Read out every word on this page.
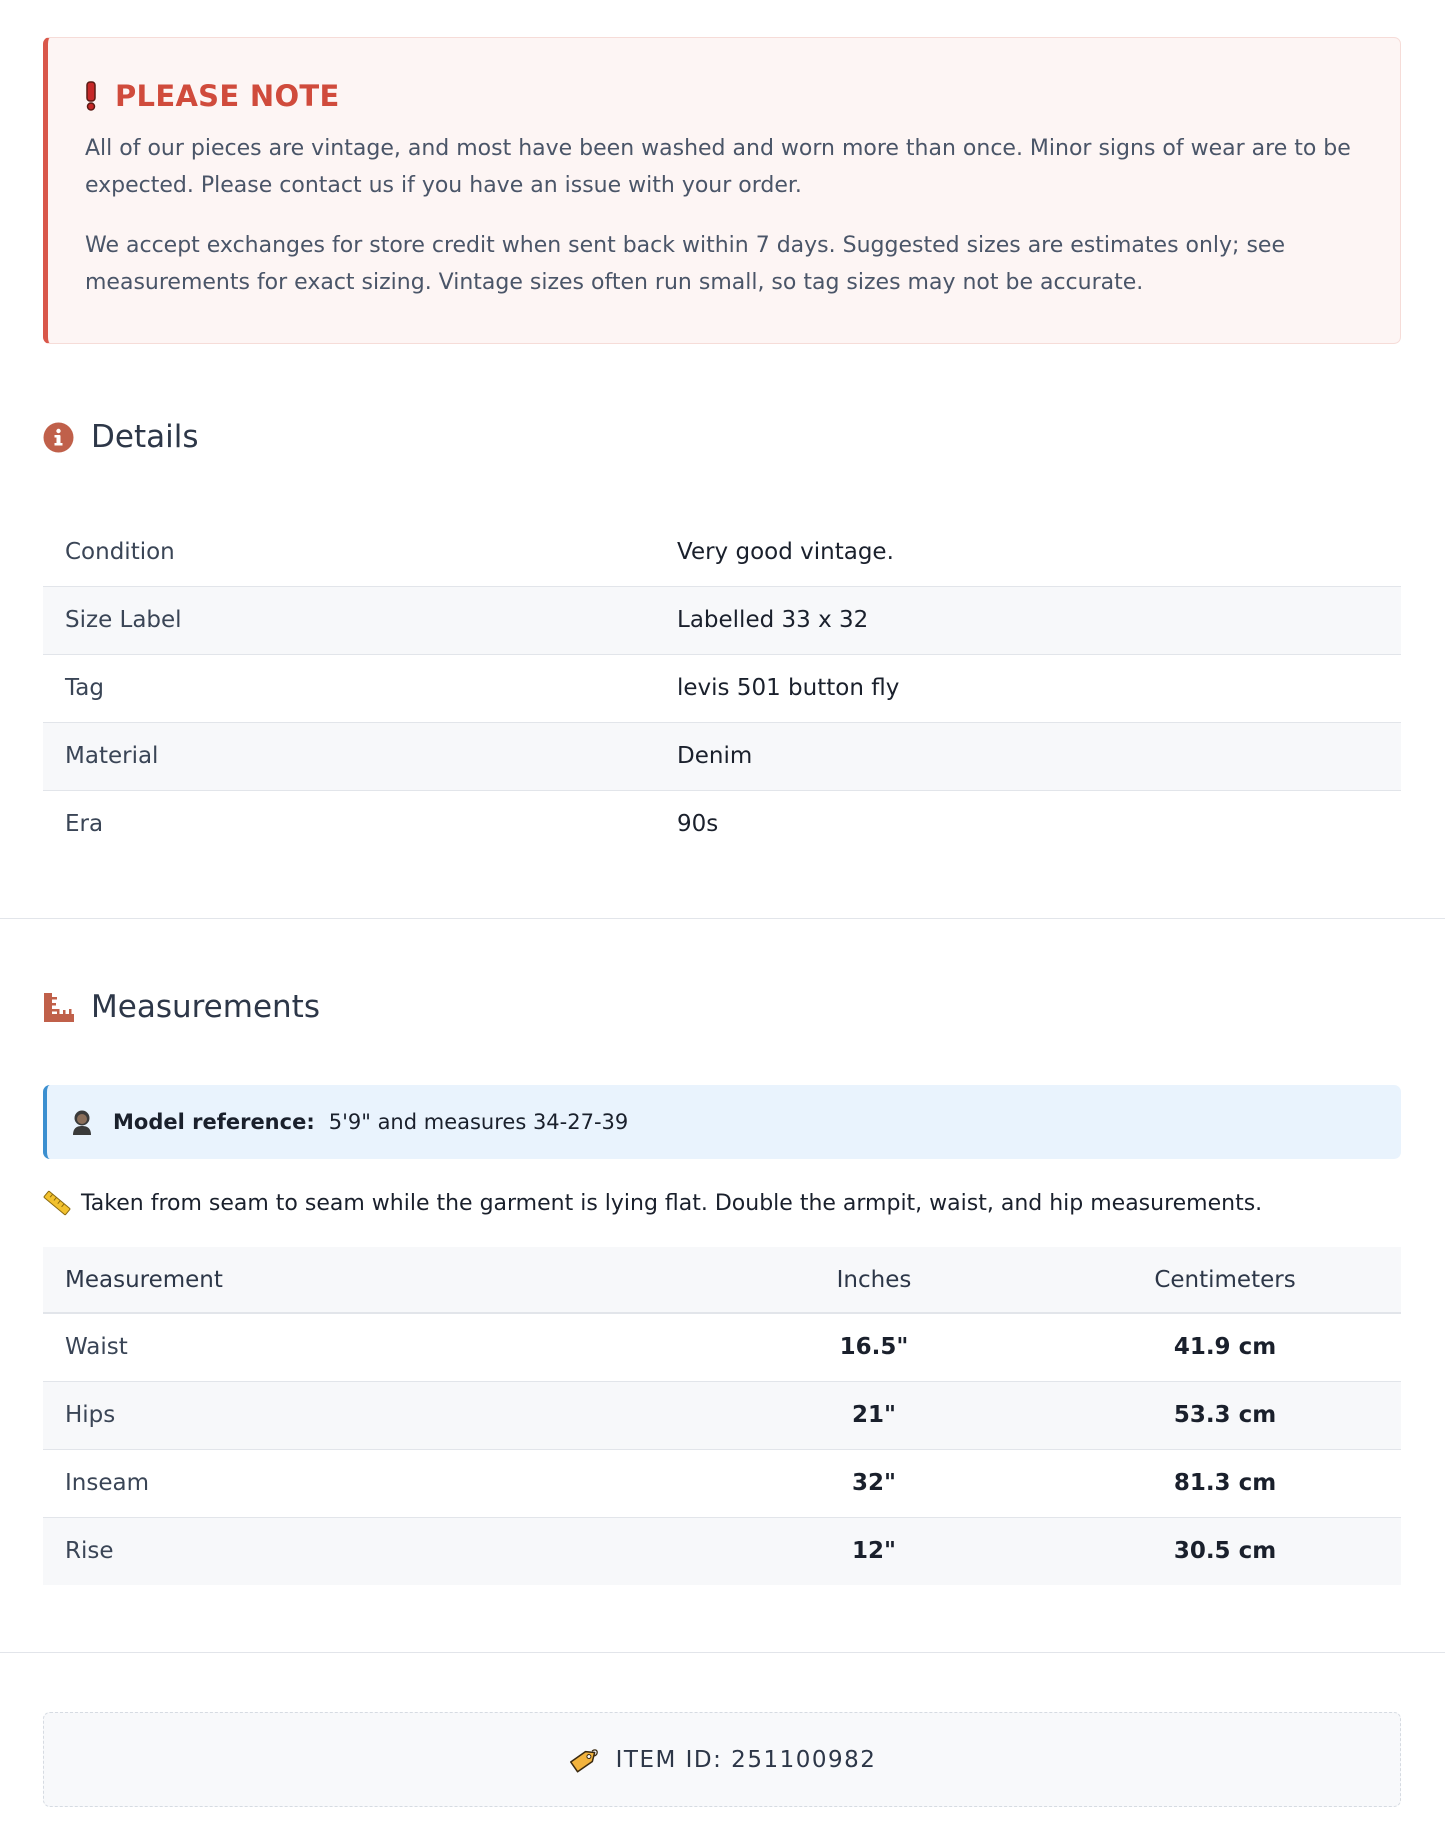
PLEASE NOTE

All of our pieces are vintage, and most have been washed and worn more than once. Minor signs of wear are to be expected. Please contact us if you have an issue with your order.

We accept exchanges for store credit when sent back within 7 days. Suggested sizes are estimates only; see measurements for exact sizing. Vintage sizes often run small, so tag sizes may not be accurate.

Details
Condition	Very good vintage.
Size Label	Labelled 33 x 32
Tag	levis 501 button fly
Material	Denim
Era	90s
Measurements
Model reference: 5'9" and measures 34-27-39
Taken from seam to seam while the garment is lying flat. Double the armpit, waist, and hip measurements.
Measurement	Inches	Centimeters
Waist	16.5"	41.9 cm
Hips	21"	53.3 cm
Inseam	32"	81.3 cm
Rise	12"	30.5 cm
ITEM ID: 251100982
